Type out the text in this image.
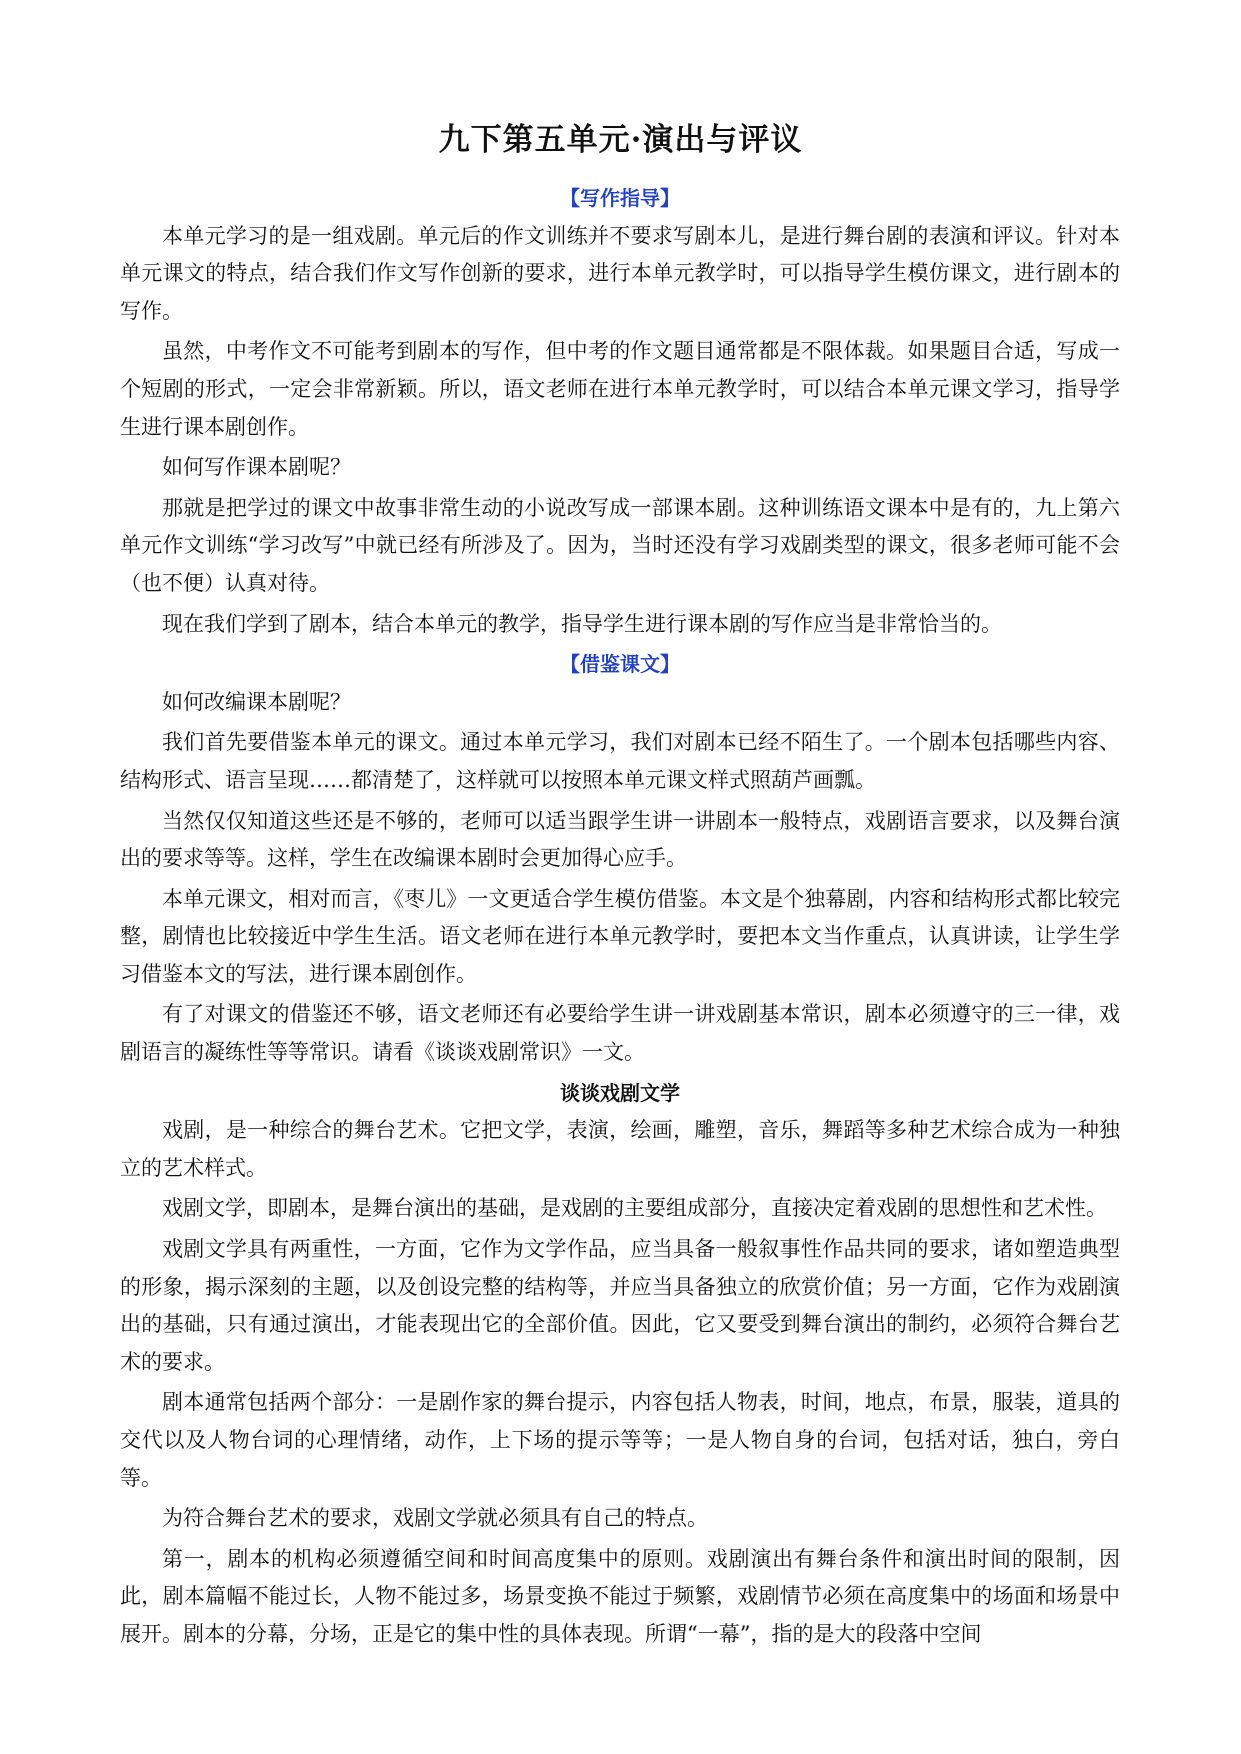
九下第五单元·演出与评议
【写作指导】

本单元学习的是一组戏剧。单元后的作文训练并不要求写剧本儿，是进行舞台剧的表演和评议。针对本单元课文的特点，结合我们作文写作创新的要求，进行本单元教学时，可以指导学生模仿课文，进行剧本的写作。

虽然，中考作文不可能考到剧本的写作，但中考的作文题目通常都是不限体裁。如果题目合适，写成一个短剧的形式，一定会非常新颖。所以，语文老师在进行本单元教学时，可以结合本单元课文学习，指导学生进行课本剧创作。

如何写作课本剧呢？

那就是把学过的课文中故事非常生动的小说改写成一部课本剧。这种训练语文课本中是有的，九上第六单元作文训练“学习改写”中就已经有所涉及了。因为，当时还没有学习戏剧类型的课文，很多老师可能不会（也不便）认真对待。

现在我们学到了剧本，结合本单元的教学，指导学生进行课本剧的写作应当是非常恰当的。

【借鉴课文】

如何改编课本剧呢？

我们首先要借鉴本单元的课文。通过本单元学习，我们对剧本已经不陌生了。一个剧本包括哪些内容、结构形式、语言呈现……都清楚了，这样就可以按照本单元课文样式照葫芦画瓢。

当然仅仅知道这些还是不够的，老师可以适当跟学生讲一讲剧本一般特点，戏剧语言要求，以及舞台演出的要求等等。这样，学生在改编课本剧时会更加得心应手。

本单元课文，相对而言，《枣儿》一文更适合学生模仿借鉴。本文是个独幕剧，内容和结构形式都比较完整，剧情也比较接近中学生生活。语文老师在进行本单元教学时，要把本文当作重点，认真讲读，让学生学习借鉴本文的写法，进行课本剧创作。

有了对课文的借鉴还不够，语文老师还有必要给学生讲一讲戏剧基本常识，剧本必须遵守的三一律，戏剧语言的凝练性等等常识。请看《谈谈戏剧常识》一文。

谈谈戏剧文学

戏剧，是一种综合的舞台艺术。它把文学，表演，绘画，雕塑，音乐，舞蹈等多种艺术综合成为一种独立的艺术样式。

戏剧文学，即剧本，是舞台演出的基础，是戏剧的主要组成部分，直接决定着戏剧的思想性和艺术性。

戏剧文学具有两重性，一方面，它作为文学作品，应当具备一般叙事性作品共同的要求，诸如塑造典型的形象，揭示深刻的主题，以及创设完整的结构等，并应当具备独立的欣赏价值；另一方面，它作为戏剧演出的基础，只有通过演出，才能表现出它的全部价值。因此，它又要受到舞台演出的制约，必须符合舞台艺术的要求。

剧本通常包括两个部分：一是剧作家的舞台提示，内容包括人物表，时间，地点，布景，服装，道具的交代以及人物台词的心理情绪，动作，上下场的提示等等；一是人物自身的台词，包括对话，独白，旁白等。

为符合舞台艺术的要求，戏剧文学就必须具有自己的特点。

第一，剧本的机构必须遵循空间和时间高度集中的原则。戏剧演出有舞台条件和演出时间的限制，因此，剧本篇幅不能过长，人物不能过多，场景变换不能过于频繁，戏剧情节必须在高度集中的场面和场景中展开。剧本的分幕，分场，正是它的集中性的具体表现。所谓“一幕”，指的是大的段落中空间
